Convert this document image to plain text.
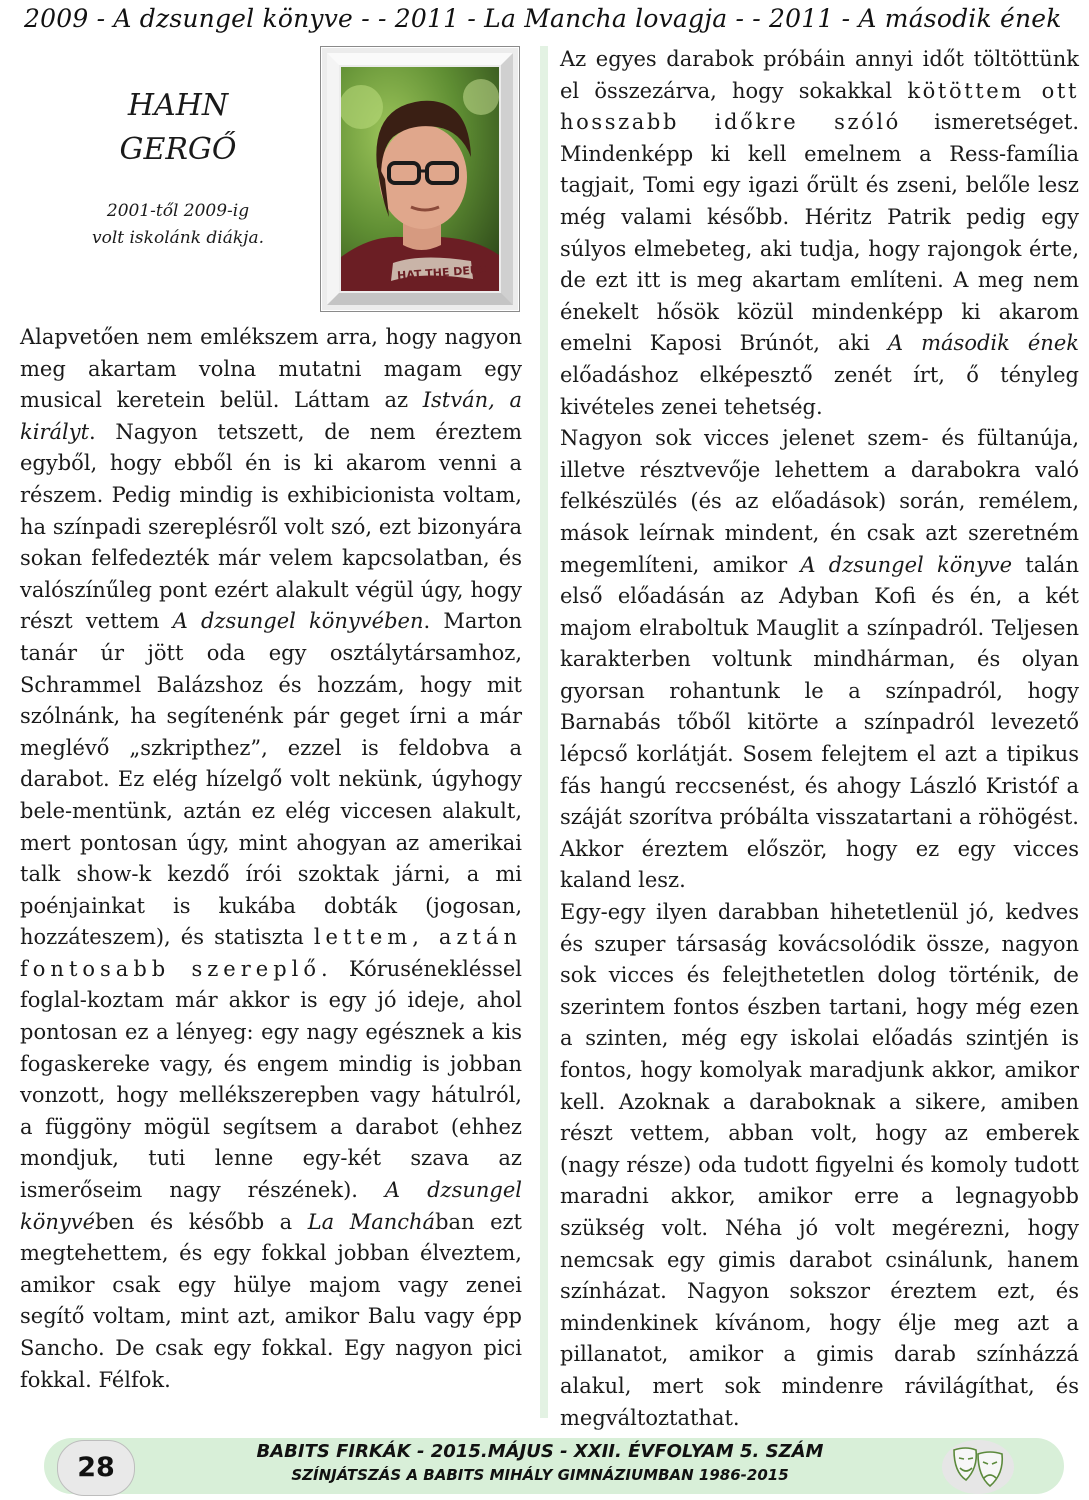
2009 - A dzsungel könyve - - 2011 - La Mancha lovagja - - 2011 - A második ének
HAHN
GERGŐ
2001-től 2009-ig
volt iskolánk diákja.
HAT THE DEUC

Alapvetően nem emlékszem arra, hogy nagyon meg akartam volna mutatni magam egy musical keretein belül. Láttam az István, a királyt. Nagyon tetszett, de nem éreztem egyből, hogy ebből én is ki akarom venni a részem. Pedig mindig is exhibicionista voltam, ha színpadi szereplésről volt szó, ezt bizonyára sokan felfedezték már velem kapcsolatban, és valószínűleg pont ezért alakult végül úgy, hogy részt vettem A dzsungel könyvében. Marton tanár úr jött oda egy osztálytársamhoz, Schrammel Balázshoz és hozzám, hogy mit szólnánk, ha segítenénk pár geget írni a már meglévő „szkripthez”, ezzel is feldobva a darabot. Ez elég hízelgő volt nekünk, úgyhogy bele-mentünk, aztán ez elég viccesen alakult, mert pontosan úgy, mint ahogyan az amerikai talk show-k kezdő írói szoktak járni, a mi poénjainkat is kukába dobták (jogosan, hozzáteszem), és statiszta lettem, aztán fontosabb szereplő. Kórusénekléssel foglal-koztam már akkor is egy jó ideje, ahol pontosan ez a lényeg: egy nagy egésznek a kis fogaskereke vagy, és engem mindig is jobban vonzott, hogy mellékszerepben vagy hátulról, a függöny mögül segítsem a darabot (ehhez mondjuk, tuti lenne egy-két szava az ismerőseim nagy részének). A dzsungel könyvében és később a La Manchában ezt megtehettem, és egy fokkal jobban élveztem, amikor csak egy hülye majom vagy zenei segítő voltam, mint azt, amikor Balu vagy épp Sancho. De csak egy fokkal. Egy nagyon pici fokkal. Félfok.

Az egyes darabok próbáin annyi időt töltöttünk el összezárva, hogy sokakkal kötöttem ott hosszabb időkre szóló ismeretséget. Mindenképp ki kell emelnem a Ress-família tagjait, Tomi egy igazi őrült és zseni, belőle lesz még valami később. Héritz Patrik pedig egy súlyos elmebeteg, aki tudja, hogy rajongok érte, de ezt itt is meg akartam említeni. A meg nem énekelt hősök közül mindenképp ki akarom emelni Kaposi Brúnót, aki A második ének előadáshoz elképesztő zenét írt, ő tényleg kivételes zenei tehetség.

Nagyon sok vicces jelenet szem- és fültanúja, illetve résztvevője lehettem a darabokra való felkészülés (és az előadások) során, remélem, mások leírnak mindent, én csak azt szeretném megemlíteni, amikor A dzsungel könyve talán első előadásán az Adyban Kofi és én, a két majom elraboltuk Mauglit a színpadról. Teljesen karakterben voltunk mindhárman, és olyan gyorsan rohantunk le a színpadról, hogy Barnabás tőből kitörte a színpadról levezető lépcső korlátját. Sosem felejtem el azt a tipikus fás hangú reccsenést, és ahogy László Kristóf a száját szorítva próbálta visszatartani a röhögést. Akkor éreztem először, hogy ez egy vicces kaland lesz.

Egy-egy ilyen darabban hihetetlenül jó, kedves és szuper társaság kovácsolódik össze, nagyon sok vicces és felejthetetlen dolog történik, de szerintem fontos észben tartani, hogy még ezen a szinten, még egy iskolai előadás szintjén is fontos, hogy komolyak maradjunk akkor, amikor kell. Azoknak a daraboknak a sikere, amiben részt vettem, abban volt, hogy az emberek (nagy része) oda tudott figyelni és komoly tudott maradni akkor, amikor erre a legnagyobb szükség volt. Néha jó volt megérezni, hogy nemcsak egy gimis darabot csinálunk, hanem színházat. Nagyon sokszor éreztem ezt, és mindenkinek kívánom, hogy élje meg azt a pillanatot, amikor a gimis darab színházzá alakul, mert sok mindenre rávilágíthat, és megváltoztathat.

28
BABITS FIRKÁK - 2015.MÁJUS - XXII. ÉVFOLYAM 5. SZÁM
SZÍNJÁTSZÁS A BABITS MIHÁLY GIMNÁZIUMBAN 1986-2015
